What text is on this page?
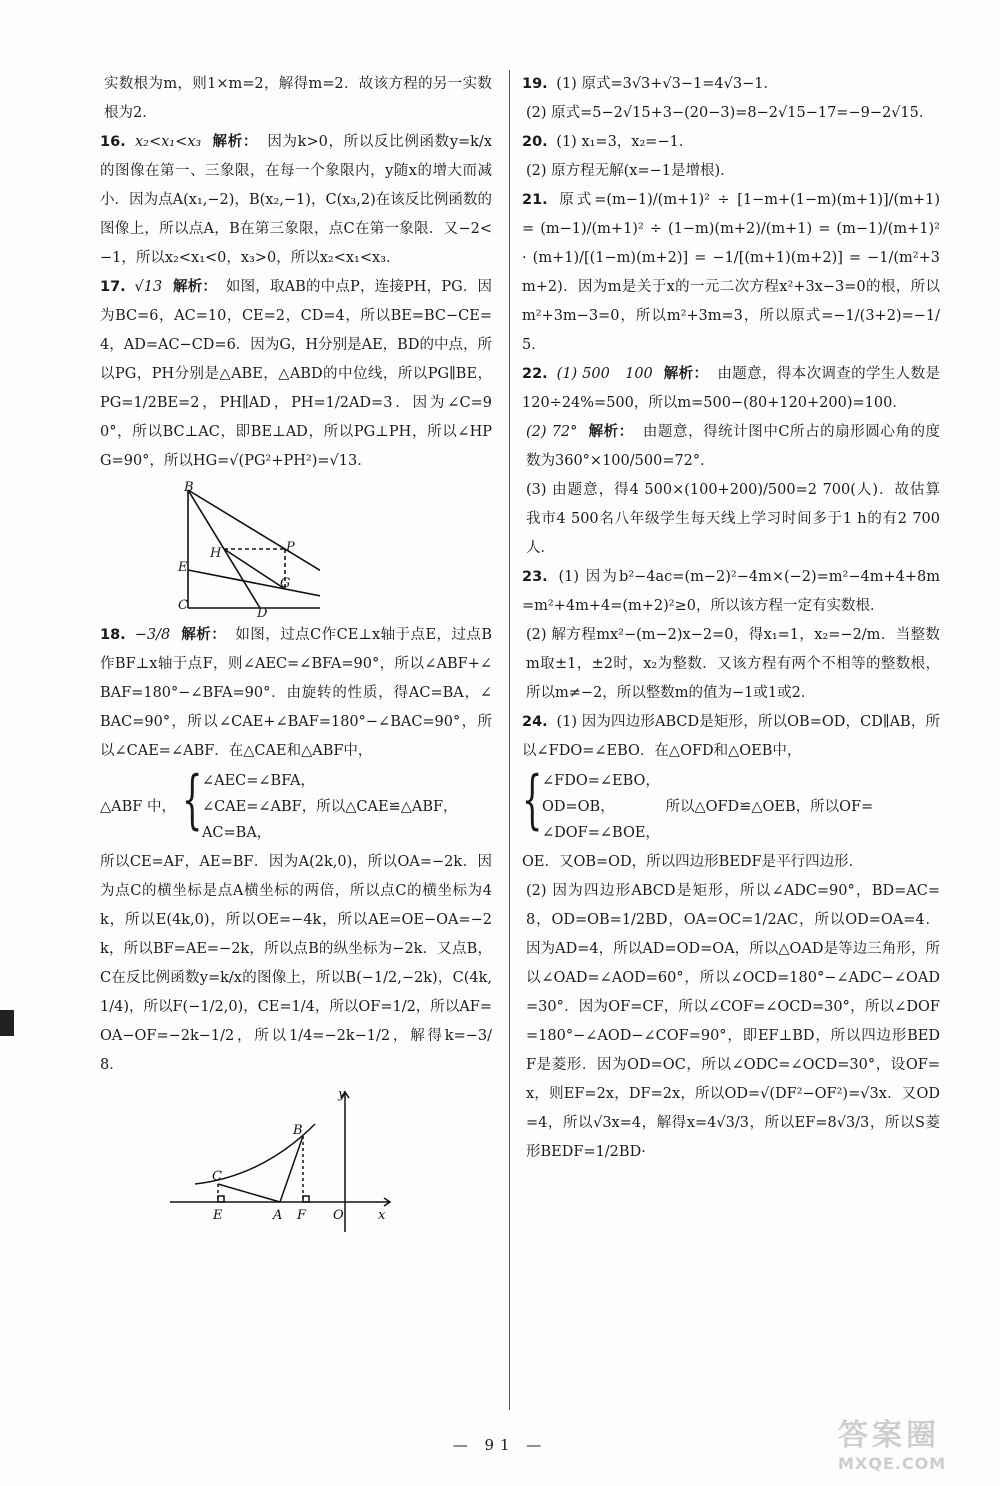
实数根为m，则1×m=2，解得m=2．故该方程的另一实数根为2．

16. x₂<x₁<x₃ 解析： 因为k>0，所以反比例函数y=k/x的图像在第一、三象限，在每一个象限内，y随x的增大而减小．因为点A(x₁,−2)，B(x₂,−1)，C(x₃,2)在该反比例函数的图像上，所以点A，B在第三象限，点C在第一象限．又−2<−1，所以x₂<x₁<0，x₃>0，所以x₂<x₁<x₃．

17. √13 解析： 如图，取AB的中点P，连接PH，PG．因为BC=6，AC=10，CE=2，CD=4，所以BE=BC−CE=4，AD=AC−CD=6．因为G，H分别是AE，BD的中点，所以PG，PH分别是△ABE，△ABD的中位线，所以PG∥BE，PG=1/2BE=2，PH∥AD，PH=1/2AD=3．因为∠C=90°，所以BC⊥AC，即BE⊥AD，所以PG⊥PH，所以∠HPG=90°，所以HG=√(PG²+PH²)=√13．

B
P
H
E
G
C
D

18. −3/8 解析： 如图，过点C作CE⊥x轴于点E，过点B作BF⊥x轴于点F，则∠AEC=∠BFA=90°，所以∠ABF+∠BAF=180°−∠BFA=90°．由旋转的性质，得AC=BA，∠BAC=90°，所以∠CAE+∠BAF=180°−∠BAC=90°，所以∠CAE=∠ABF．在△CAE和△ABF中，

△ABF 中， { ∠AEC=∠BFA，
∠CAE=∠ABF，所以△CAE≌△ABF，
AC=BA，

所以CE=AF，AE=BF．因为A(2k,0)，所以OA=−2k．因为点C的横坐标是点A横坐标的两倍，所以点C的横坐标为4k，所以E(4k,0)，所以OE=−4k，所以AE=OE−OA=−2k，所以BF=AE=−2k，所以点B的纵坐标为−2k．又点B，C在反比例函数y=k/x的图像上，所以B(−1/2,−2k)，C(4k,1/4)，所以F(−1/2,0)，CE=1/4，所以OF=1/2，所以AF=OA−OF=−2k−1/2，所以1/4=−2k−1/2，解得k=−3/8．

y
B
C
E	A F O	x

19. (1) 原式=3√3+√3−1=4√3−1．

(2) 原式=5−2√15+3−(20−3)=8−2√15−17=−9−2√15．

20. (1) x₁=3，x₂=−1．

(2) 原方程无解(x=−1是增根)．

21. 原式=(m−1)/(m+1)² ÷ [1−m+(1−m)(m+1)]/(m+1) = (m−1)/(m+1)² ÷ (1−m)(m+2)/(m+1) = (m−1)/(m+1)² · (m+1)/[(1−m)(m+2)] = −1/[(m+1)(m+2)] = −1/(m²+3m+2)．因为m是关于x的一元二次方程x²+3x−3=0的根，所以m²+3m−3=0，所以m²+3m=3，所以原式=−1/(3+2)=−1/5．

22. (1) 500　100 解析： 由题意，得本次调查的学生人数是120÷24%=500，所以m=500−(80+120+200)=100．

(2) 72° 解析： 由题意，得统计图中C所占的扇形圆心角的度数为360°×100/500=72°．

(3) 由题意，得4 500×(100+200)/500=2 700(人)．故估算我市4 500名八年级学生每天线上学习时间多于1 h的有2 700人．

23. (1) 因为b²−4ac=(m−2)²−4m×(−2)=m²−4m+4+8m=m²+4m+4=(m+2)²≥0，所以该方程一定有实数根．

(2) 解方程mx²−(m−2)x−2=0，得x₁=1，x₂=−2/m．当整数m取±1，±2时，x₂为整数．又该方程有两个不相等的整数根，所以m≠−2，所以整数m的值为−1或1或2．

24. (1) 因为四边形ABCD是矩形，所以OB=OD，CD∥AB，所以∠FDO=∠EBO．在△OFD和△OEB中，

{ ∠FDO=∠EBO，
OD=OB，　　　　所以△OFD≌△OEB，所以OF=
∠DOF=∠BOE，

OE．又OB=OD，所以四边形BEDF是平行四边形．

(2) 因为四边形ABCD是矩形，所以∠ADC=90°，BD=AC=8，OD=OB=1/2BD，OA=OC=1/2AC，所以OD=OA=4．因为AD=4，所以AD=OD=OA，所以△OAD是等边三角形，所以∠OAD=∠AOD=60°，所以∠OCD=180°−∠ADC−∠OAD=30°．因为OF=CF，所以∠COF=∠OCD=30°，所以∠DOF=180°−∠AOD−∠COF=90°，即EF⊥BD，所以四边形BEDF是菱形．因为OD=OC，所以∠ODC=∠OCD=30°，设OF=x，则EF=2x，DF=2x，所以OD=√(DF²−OF²)=√3x．又OD=4，所以√3x=4，解得x=4√3/3，所以EF=8√3/3，所以S菱形BEDF=1/2BD·

— 91 —	答案圈
MXQE.COM
